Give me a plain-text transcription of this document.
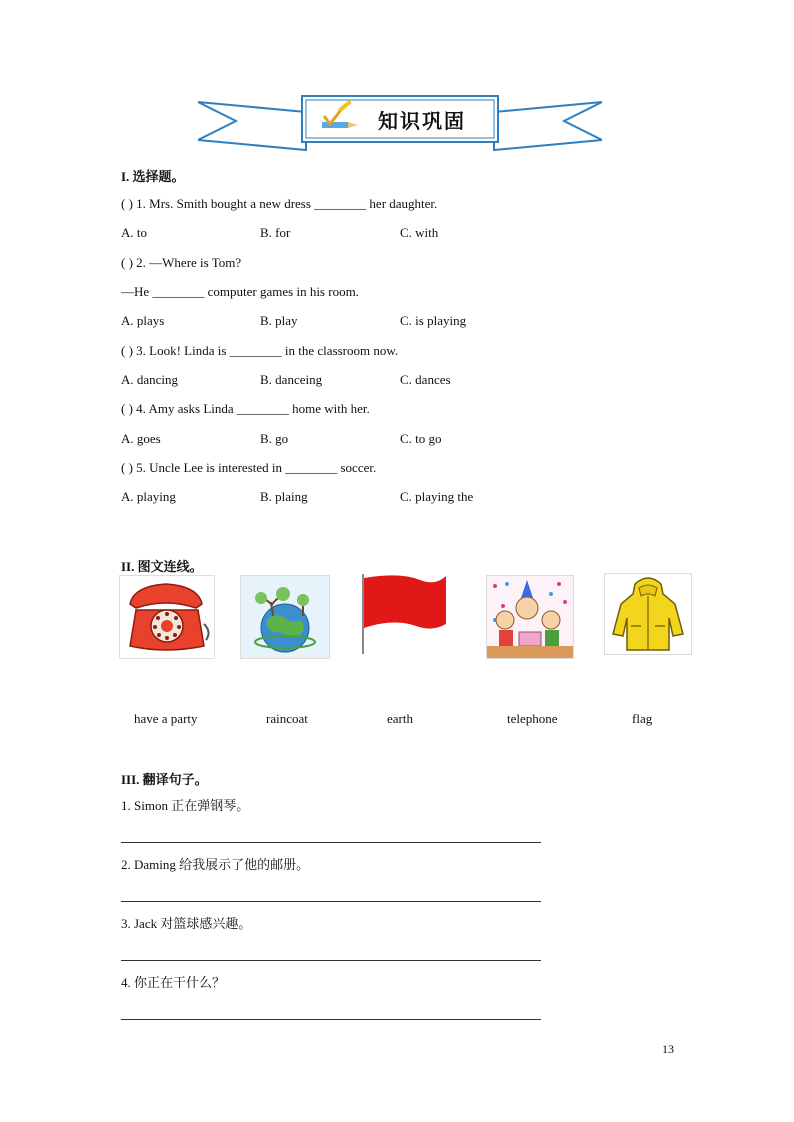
知识巩固
I. 选择题。
( ) 1. Mrs. Smith bought a new dress ________ her daughter.
A. to	B. for	C. with
( ) 2. —Where is Tom?
—He ________ computer games in his room.
A. plays	B. play	C. is playing
( ) 3. Look! Linda is ________ in the classroom now.
A. dancing	B. danceing	C. dances
( ) 4. Amy asks Linda ________ home with her.
A. goes	B. go	C. to go
( ) 5. Uncle Lee is interested in ________ soccer.
A. playing	B. plaing	C. playing the
II. 图文连线。
have a party	raincoat	earth	telephone	flag
III. 翻译句子。
1. Simon 正在弹钢琴。
2. Daming 给我展示了他的邮册。
3. Jack 对篮球感兴趣。
4. 你正在干什么？
13
